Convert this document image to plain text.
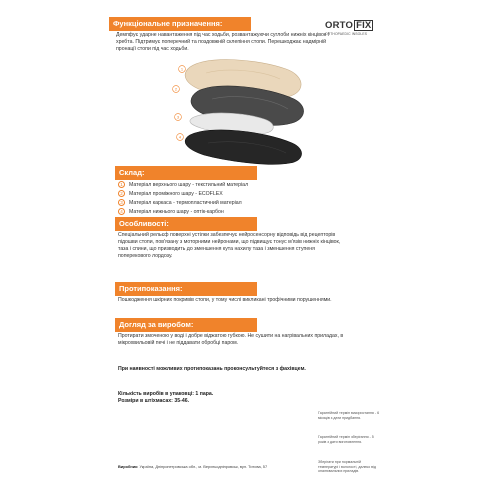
ORTO FIX
ORTHOPAEDIC INSOLES
Функціональне призначення:
Демпфує ударне навантаження під час ходьби, розвантажуючи суглоби нижніх кінцівок і хребта. Підтримує поперечний та поздовжній склепіння стопи. Перешкоджає надмірній пронації стопи під час ходьби.
1
2
3
4
Склад:
1	Матеріал верхнього шару - текстильний матеріал
2	Матеріал проміжного шару - ECOFLEX
3	Матеріал каркаса - термопластичний матеріал
4	Матеріал нижнього шару - оптік-карбон
Особливості:
Спеціальний рельєф поверхні устілки забезпечує нейросенсорну відповідь від рецепторів підошви стопи, пов'язану з моторними нейронами, що підвищує тонус м'язів нижніх кінцівок, таза і спини, що призводить до зменшення кута нахилу таза і зменшення ступеня поперекового лордозу.
Протипоказання:
Пошкодження шкірних покривів стопи, у тому числі викликані трофічними порушеннями.
Догляд за виробом:
Протирати змоченою у воді і добре віджатою губкою. Не сушити на нагрівальних приладах, в мікрохвильовій печі і не піддавати обробці паром.
При наявності можливих протипоказань проконсультуйтеся з фахівцем.
Кількість виробів в упаковці: 1 пара.
Розміри в штіхмасах: 35-46.
Гарантійний термін використання - 6 місяців з дати придбання.
Гарантійний термін зберігання - 5 років з дати виготовлення.
Зберігати при нормальній температурі і вологості, далеко від опалювальних приладів.
Виробник: Україна, Дніпропетровська обл., м. Верхньодніпровськ, вул. Титова, 57
